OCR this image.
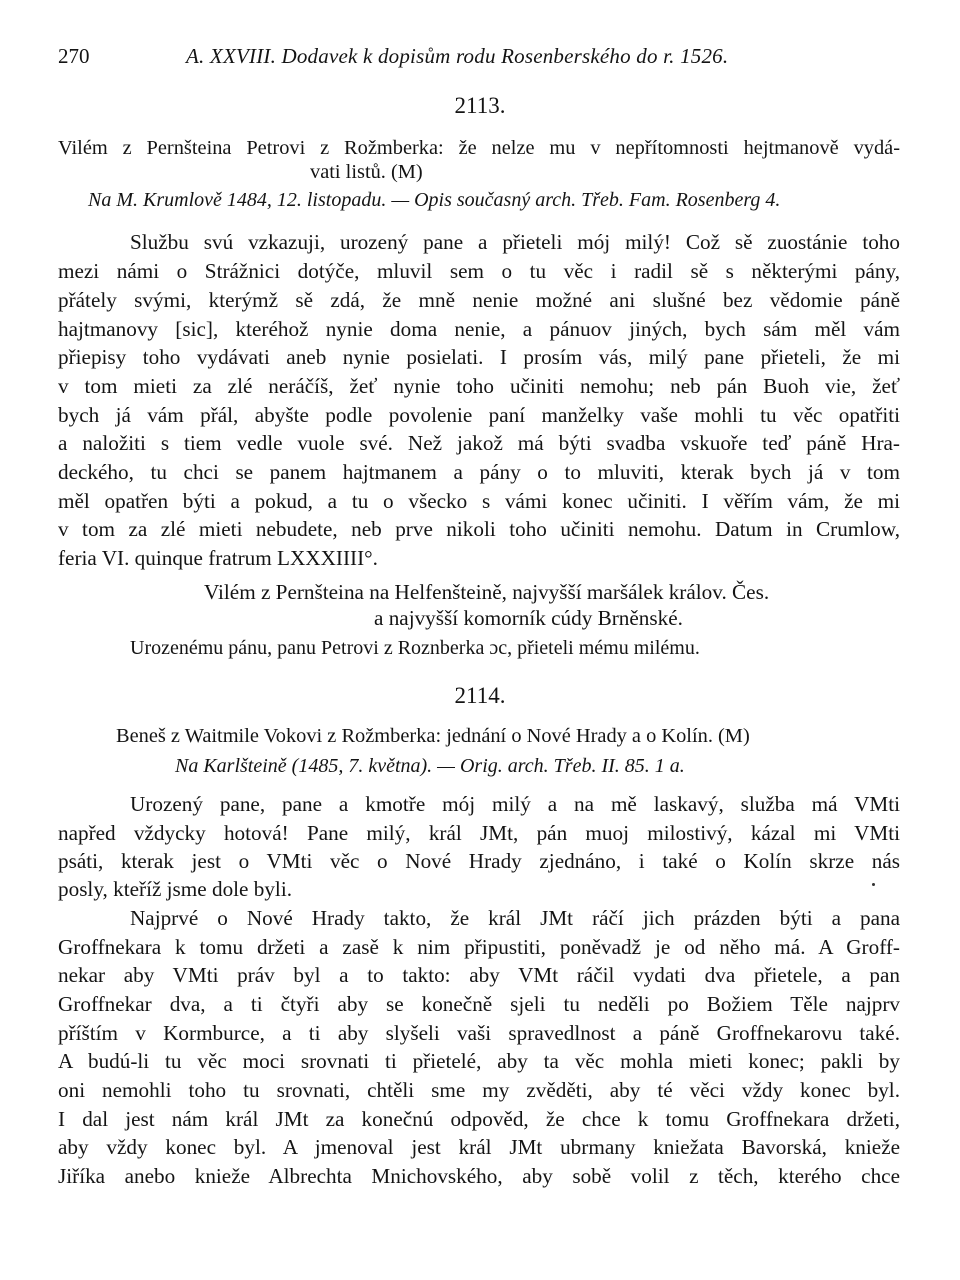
270	A. XXVIII. Dodavek k dopisům rodu Rosenberského do r. 1526.
2113.
Vilém z Pernšteina Petrovi z Rožmberka: že nelze mu v nepřítomnosti hejtmanově vydá-
vati listů. (M)
Na M. Krumlově 1484, 12. listopadu. — Opis současný arch. Třeb. Fam. Rosenberg 4.
Službu svú vzkazuji, urozený pane a přieteli mój milý! Což sě zuostánie toho
mezi námi o Strážnici dotýče, mluvil sem o tu věc i radil sě s některými pány,
přátely svými, kterýmž sě zdá, že mně nenie možné ani slušné bez vědomie páně
hajtmanovy [sic], kteréhož nynie doma nenie, a pánuov jiných, bych sám měl vám
přiepisy toho vydávati aneb nynie posielati. I prosím vás, milý pane přieteli, že mi
v tom mieti za zlé neráčíš, žeť nynie toho učiniti nemohu; neb pán Buoh vie, žeť
bych já vám přál, abyšte podle povolenie paní manželky vaše mohli tu věc opatřiti
a naložiti s tiem vedle vuole své. Než jakož má býti svadba vskuoře teď páně Hra-
deckého, tu chci se panem hajtmanem a pány o to mluviti, kterak bych já v tom
měl opatřen býti a pokud, a tu o všecko s vámi konec učiniti. I věřím vám, že mi
v tom za zlé mieti nebudete, neb prve nikoli toho učiniti nemohu. Datum in Crumlow,
feria VI. quinque fratrum LXXXIIII°.
Vilém z Pernšteina na Helfenšteině, najvyšší maršálek králov. Čes.
a najvyšší komorník cúdy Brněnské.
Urozenému pánu, panu Petrovi z Roznberka ɔc, přieteli mému milému.
2114.
Beneš z Waitmile Vokovi z Rožmberka: jednání o Nové Hrady a o Kolín. (M)
Na Karlšteině (1485, 7. května). — Orig. arch. Třeb. II. 85. 1 a.
Urozený pane, pane a kmotře mój milý a na mě laskavý, služba má VMti
napřed vždycky hotová! Pane milý, král JMt, pán muoj milostivý, kázal mi VMti
psáti, kterak jest o VMti věc o Nové Hrady zjednáno, i také o Kolín skrze nás
posly, kteříž jsme dole byli.
Najprvé o Nové Hrady takto, že král JMt ráčí jich prázden býti a pana
Groffnekara k tomu držeti a zasě k nim připustiti, poněvadž je od něho má. A Groff-
nekar aby VMti práv byl a to takto: aby VMt ráčil vydati dva přietele, a pan
Groffnekar dva, a ti čtyři aby se konečně sjeli tu neděli po Božiem Těle najprv
příštím v Kormburce, a ti aby slyšeli vaši spravedlnost a páně Groffnekarovu také.
A budú-li tu věc moci srovnati ti přietelé, aby ta věc mohla mieti konec; pakli by
oni nemohli toho tu srovnati, chtěli sme my zvěděti, aby té věci vždy konec byl.
I dal jest nám král JMt za konečnú odpověd, že chce k tomu Groffnekara držeti,
aby vždy konec byl. A jmenoval jest král JMt ubrmany kniežata Bavorská, knieže
Jiříka anebo knieže Albrechta Mnichovského, aby sobě volil z těch, kterého chce
